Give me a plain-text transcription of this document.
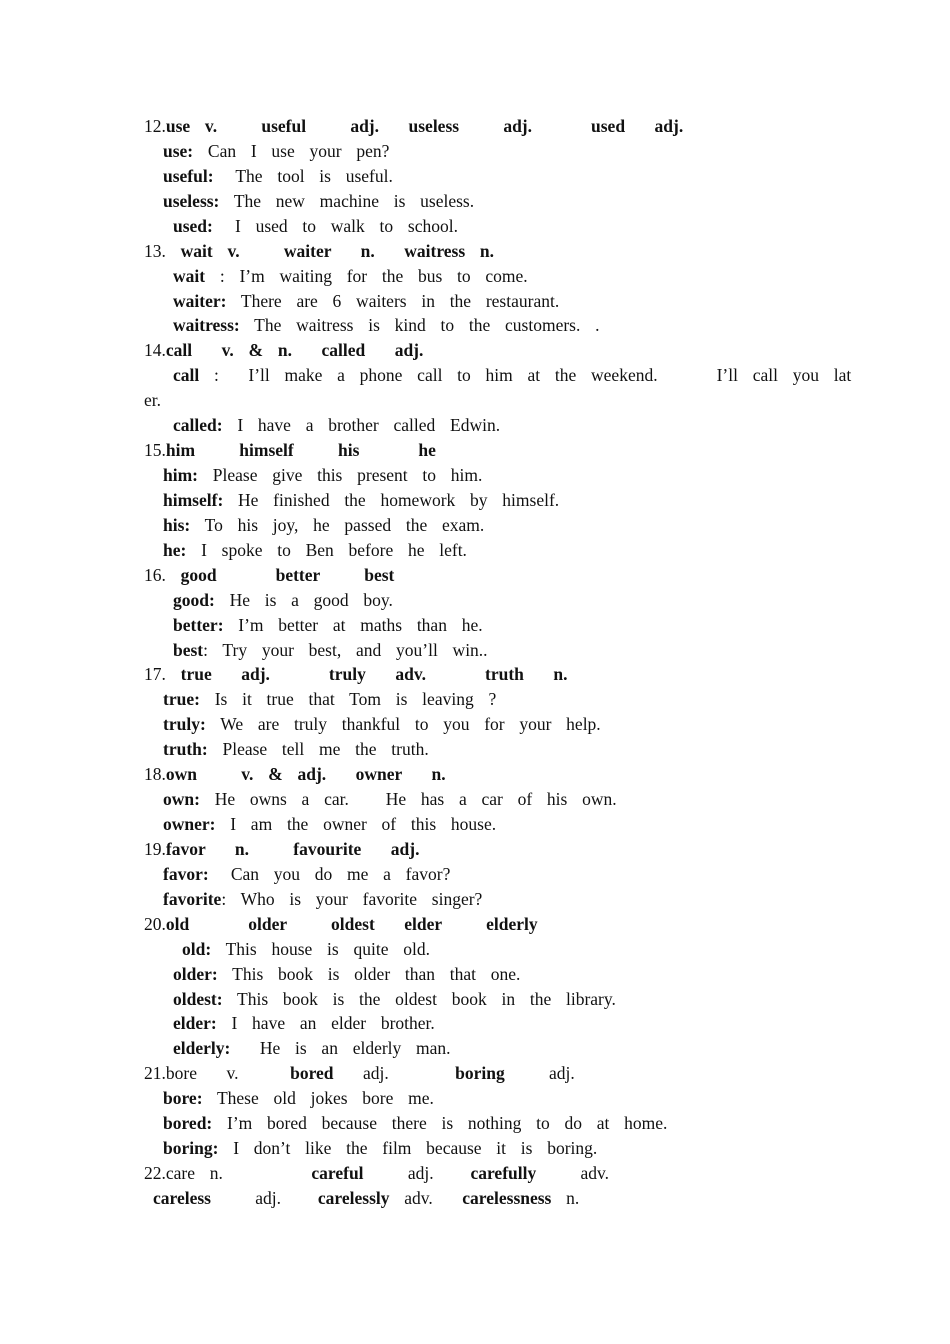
12.use  v.      useful      adj.    useless      adj.        used    adj.
use:  Can  I  use  your  pen?
useful:   The  tool  is  useful.
useless:  The  new  machine  is  useless.
used:   I  used  to  walk  to  school.
13.  wait  v.      waiter    n.    waitress  n.
wait  :  I’m  waiting  for  the  bus  to  come.
waiter:  There  are  6  waiters  in  the  restaurant.
waitress:  The  waitress  is  kind  to  the  customers.  .
14.call    v.  &  n.    called    adj.
call  :    I’ll  make  a  phone  call  to  him  at  the  weekend.        I’ll  call  you  lat
er.
called:  I  have  a  brother  called  Edwin.
15.him      himself      his        he
him:  Please  give  this  present  to  him.
himself:  He  finished  the  homework  by  himself.
his:  To  his  joy,  he  passed  the  exam.
he:  I  spoke  to  Ben  before  he  left.
16.  good        better      best
good:  He  is  a  good  boy.
better:  I’m  better  at  maths  than  he.
best:  Try  your  best,  and  you’ll  win..
17.  true    adj.        truly    adv.        truth    n.
true:  Is  it  true  that  Tom  is  leaving  ?
truly:  We  are  truly  thankful  to  you  for  your  help.
truth:  Please  tell  me  the  truth.
18.own      v.  &  adj.    owner    n.
own:  He  owns  a  car.     He  has  a  car  of  his  own.
owner:  I  am  the  owner  of  this  house.
19.favor    n.      favourite    adj.
favor:   Can  you  do  me  a  favor?
favorite:  Who  is  your  favorite  singer?
20.old        older      oldest    elder      elderly
old:  This  house  is  quite  old.
older:  This  book  is  older  than  that  one.
oldest:  This  book  is  the  oldest  book  in  the  library.
elder:  I  have  an  elder  brother.
elderly:    He  is  an  elderly  man.
21.bore    v.       bored    adj.         boring      adj.
bore:  These  old  jokes  bore  me.
bored:  I’m  bored  because  there  is  nothing  to  do  at  home.
boring:  I  don’t  like  the  film  because  it  is  boring.
22.care  n.            careful      adj.     carefully      adv.
careless      adj.     carelessly  adv.    carelessness  n.
